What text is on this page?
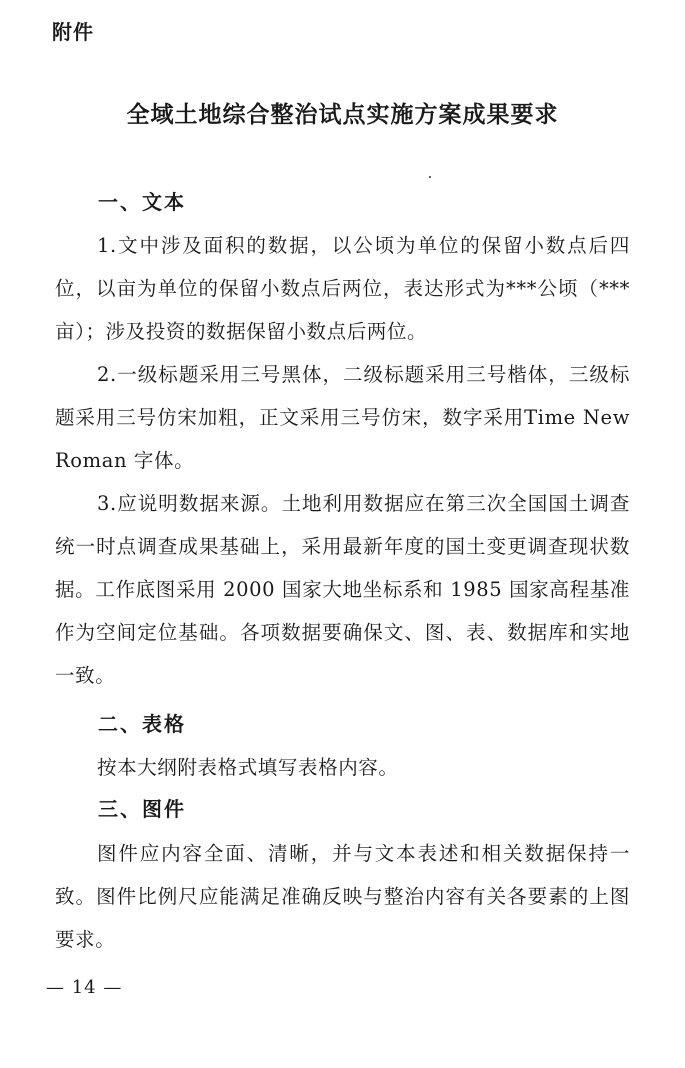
附件
全域土地综合整治试点实施方案成果要求
一、文本

1.文中涉及面积的数据，以公顷为单位的保留小数点后四位，以亩为单位的保留小数点后两位，表达形式为***公顷（***亩）；涉及投资的数据保留小数点后两位。

2.一级标题采用三号黑体，二级标题采用三号楷体，三级标题采用三号仿宋加粗，正文采用三号仿宋，数字采用Time New Roman 字体。

3.应说明数据来源。土地利用数据应在第三次全国国土调查统一时点调查成果基础上，采用最新年度的国土变更调查现状数据。工作底图采用 2000 国家大地坐标系和 1985 国家高程基准作为空间定位基础。各项数据要确保文、图、表、数据库和实地一致。

二、表格

按本大纲附表格式填写表格内容。

三、图件

图件应内容全面、清晰，并与文本表述和相关数据保持一致。图件比例尺应能满足准确反映与整治内容有关各要素的上图要求。

— 14 —
